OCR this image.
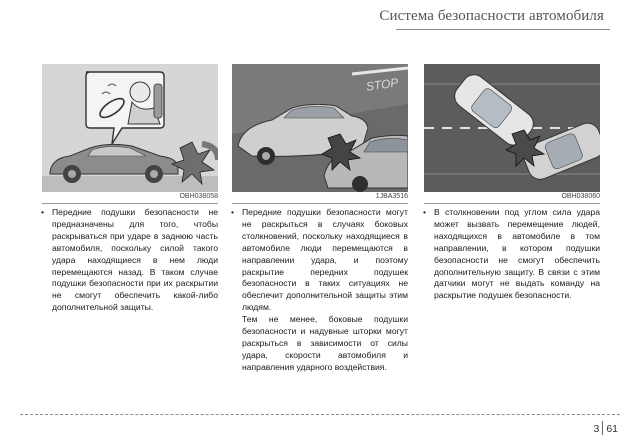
Система безопасности автомобиля
OBH038058
STOP
1JBA3516	OBH038060

• Передние подушки безопасности не предназначены для того, чтобы раскрываться при ударе в заднюю часть автомобиля, поскольку силой такого удара находящиеся в нем люди перемещаются назад. В таком случае подушки безопасности при их раскрытии не смогут обеспечить какой-либо дополнительной защиты.

• Передние подушки безопасности могут не раскрыться в случаях боковых столкновений, поскольку находящиеся в автомобиле люди перемещаются в направлении удара, и поэтому раскрытие передних подушек безопасности в таких ситуациях не обеспечит дополнительной защиты этим людям.

Тем не менее, боковые подушки безопасности и надувные шторки могут раскрыться в зависимости от силы удара, скорости автомобиля и направления ударного воздействия.

• В столкновении под углом сила удара может вызвать перемещение людей, находящихся в автомобиле в том направлении, в котором подушки безопасности не смогут обеспечить дополнительную защиту. В связи с этим датчики могут не выдать команду на раскрытие подушек безопасности.

3 61
